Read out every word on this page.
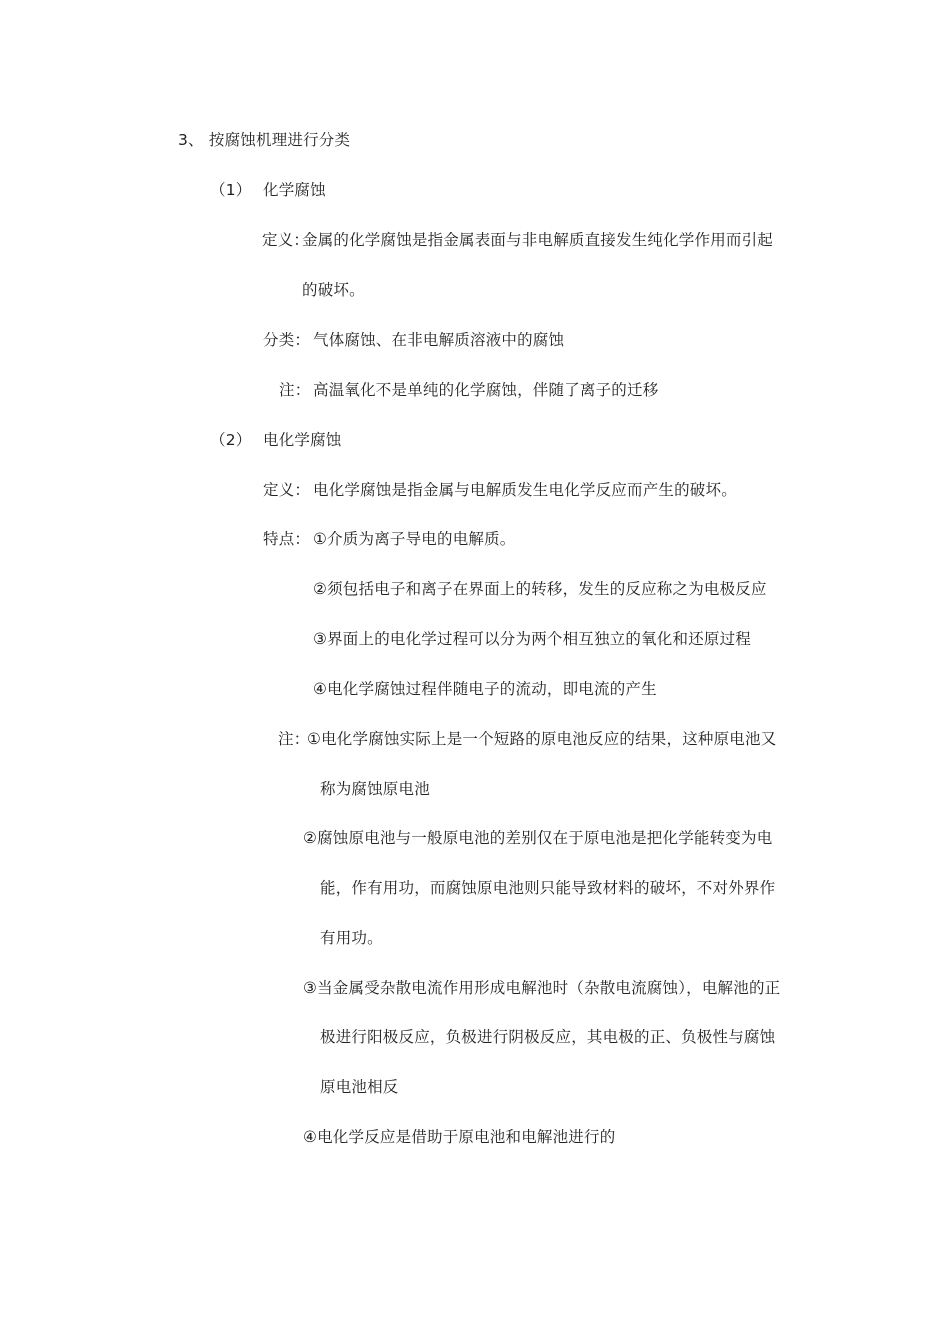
3、 按腐蚀机理进行分类
（1） 化学腐蚀
定义：
金属的化学腐蚀是指金属表面与非电解质直接发生纯化学作用而引起
的破坏。
分类： 气体腐蚀、在非电解质溶液中的腐蚀
注： 高温氧化不是单纯的化学腐蚀，伴随了离子的迁移
（2） 电化学腐蚀
定义： 电化学腐蚀是指金属与电解质发生电化学反应而产生的破坏。
特点： ①介质为离子导电的电解质。
②须包括电子和离子在界面上的转移，发生的反应称之为电极反应
③界面上的电化学过程可以分为两个相互独立的氧化和还原过程
④电化学腐蚀过程伴随电子的流动，即电流的产生
注：
①电化学腐蚀实际上是一个短路的原电池反应的结果，这种原电池又
称为腐蚀原电池
②腐蚀原电池与一般原电池的差别仅在于原电池是把化学能转变为电
能，作有用功，而腐蚀原电池则只能导致材料的破坏，不对外界作
有用功。
③当金属受杂散电流作用形成电解池时（杂散电流腐蚀），电解池的正
极进行阳极反应，负极进行阴极反应，其电极的正、负极性与腐蚀
原电池相反
④电化学反应是借助于原电池和电解池进行的
